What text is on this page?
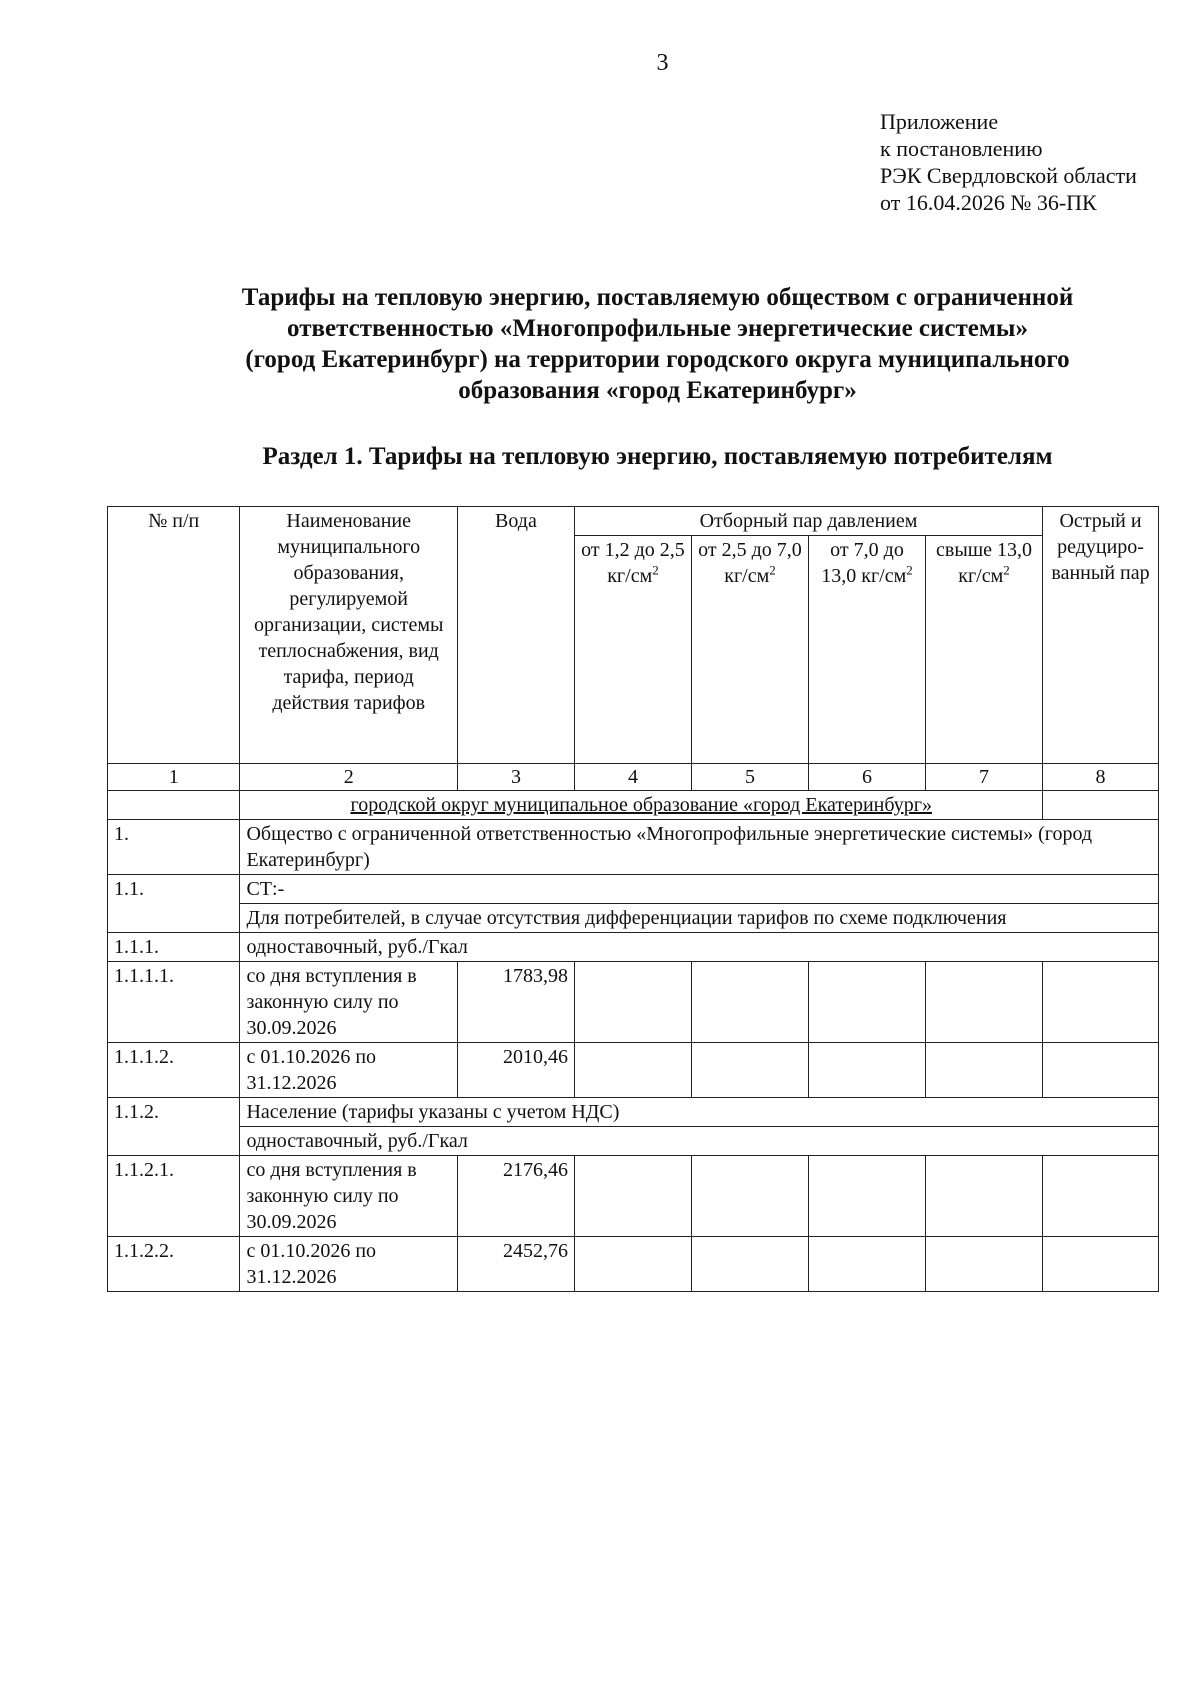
3
Приложение
к постановлению
РЭК Свердловской области
от 16.04.2026 № 36-ПК
Тарифы на тепловую энергию, поставляемую обществом с ограниченной
ответственностью «Многопрофильные энергетические системы»
(город Екатеринбург) на территории городского округа муниципального
образования «город Екатеринбург»
Раздел 1. Тарифы на тепловую энергию, поставляемую потребителям
№ п/п	Наименование муниципального образования, регулируемой организации, системы теплоснабжения, вид тарифа, период действия тарифов	Вода	Отборный пар давлением				Острый и редуциро-ванный пар
			от 1,2 до 2,5 $кг/см^2$	от 2,5 до 7,0 $кг/см^2$	от 7,0 до 13,0 $кг/см^2$	свыше 13,0 $кг/см^2$
1	2	3	4	5	6	7	8
	городской округ муниципальное образование «город Екатеринбург»						
1.	Общество с ограниченной ответственностью «Многопрофильные энергетические системы» (город Екатеринбург)						
1.1.	СТ:-						
	Для потребителей, в случае отсутствия дифференциации тарифов по схеме подключения						
1.1.1.	одноставочный, руб./Гкал						
1.1.1.1.	со дня вступления в законную силу по 30.09.2026	1783,98					
1.1.1.2.	с 01.10.2026 по 31.12.2026	2010,46					
1.1.2.	Население (тарифы указаны с учетом НДС)						
	одноставочный, руб./Гкал						
1.1.2.1.	со дня вступления в законную силу по 30.09.2026	2176,46					
1.1.2.2.	с 01.10.2026 по 31.12.2026	2452,76					
